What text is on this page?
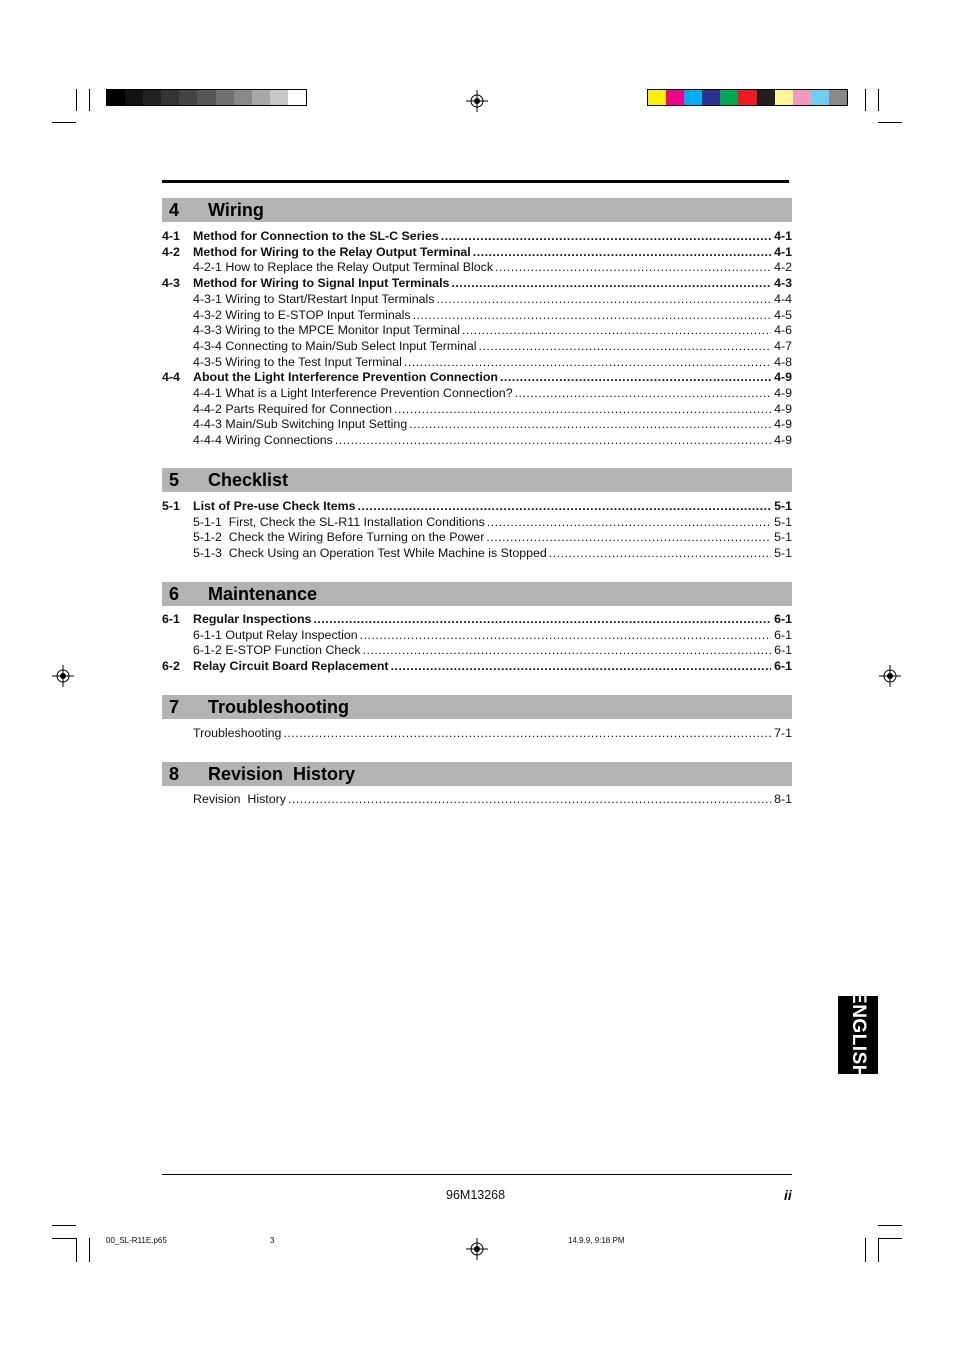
4	Wiring
4-1	Method for Connection to the SL-C Series .....	4-1
4-2	Method for Wiring to the Relay Output Terminal .....	4-1
4-2-1 How to Replace the Relay Output Terminal Block .....	4-2
4-3	Method for Wiring to Signal Input Terminals .....	4-3
4-3-1 Wiring to Start/Restart Input Terminals .....	4-4
4-3-2 Wiring to E-STOP Input Terminals .....	4-5
4-3-3 Wiring to the MPCE Monitor Input Terminal .....	4-6
4-3-4 Connecting to Main/Sub Select Input Terminal .....	4-7
4-3-5 Wiring to the Test Input Terminal .....	4-8
4-4	About the Light Interference Prevention Connection .....	4-9
4-4-1 What is a Light Interference Prevention Connection? .....	4-9
4-4-2 Parts Required for Connection .....	4-9
4-4-3 Main/Sub Switching Input Setting .....	4-9
4-4-4 Wiring Connections .....	4-9
5	Checklist
5-1	List of Pre-use Check Items .....	5-1
5-1-1  First, Check the SL-R11 Installation Conditions .....	5-1
5-1-2  Check the Wiring Before Turning on the Power .....	5-1
5-1-3  Check Using an Operation Test While Machine is Stopped .....	5-1
6	Maintenance
6-1	Regular Inspections .....	6-1
6-1-1 Output Relay Inspection .....	6-1
6-1-2 E-STOP Function Check .....	6-1
6-2	Relay Circuit Board Replacement .....	6-1
7	Troubleshooting
Troubleshooting .....	7-1
8	Revision  History
Revision  History .....	8-1
ENGLISH
96M13268	ii
00_SL-R11E.p65	3	14.9.9, 9:18 PM
